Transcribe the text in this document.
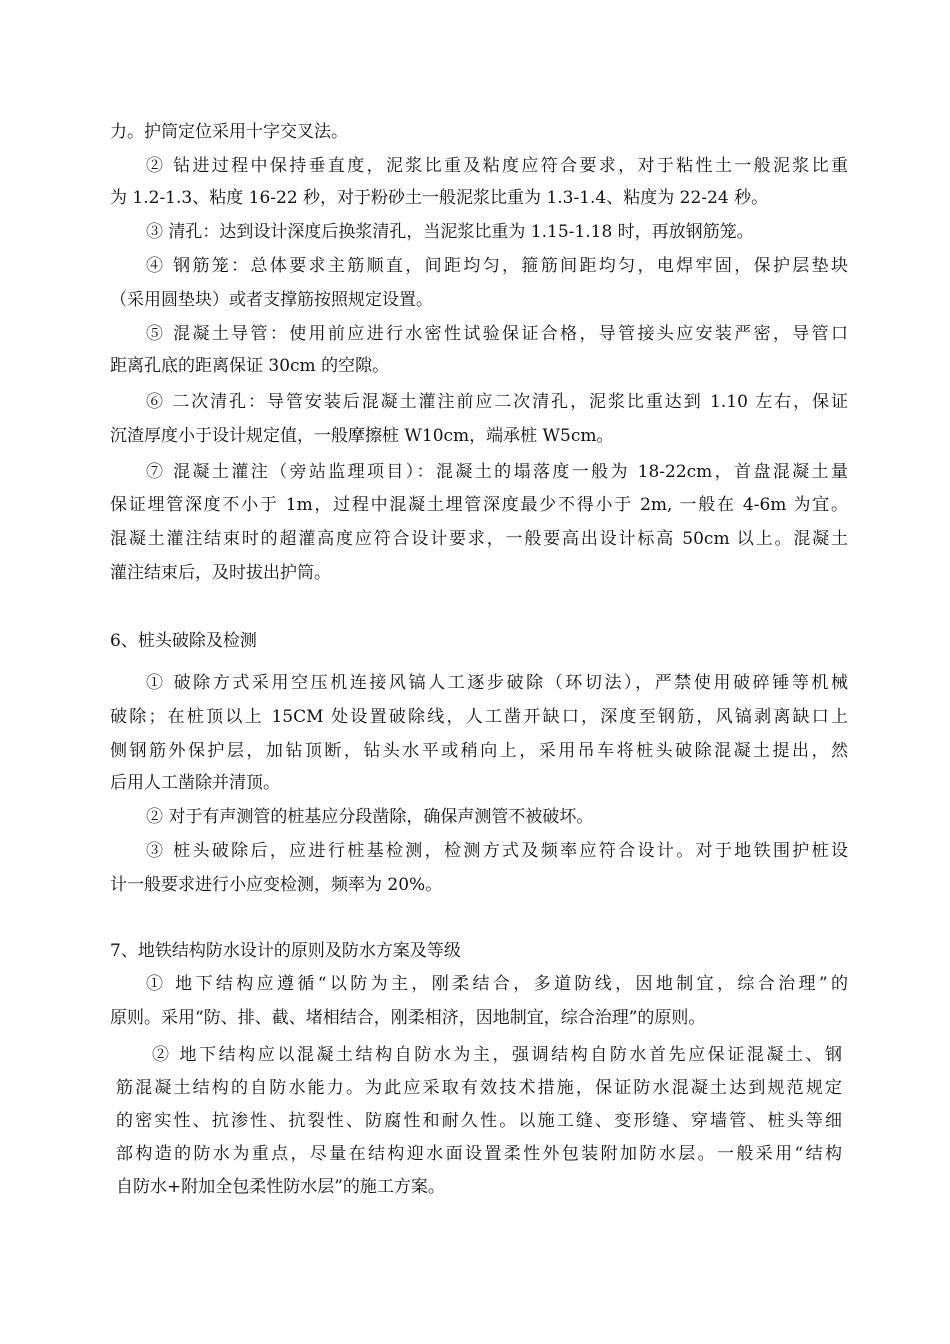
力。护筒定位采用十字交叉法。
② 钻进过程中保持垂直度，泥浆比重及粘度应符合要求，对于粘性土一般泥浆比重
为 1.2-1.3、粘度 16-22 秒，对于粉砂土一般泥浆比重为 1.3-1.4、粘度为 22-24 秒。
③ 清孔：达到设计深度后换浆清孔，当泥浆比重为 1.15-1.18 时，再放钢筋笼。
④ 钢筋笼：总体要求主筋顺直，间距均匀，箍筋间距均匀，电焊牢固，保护层垫块
（采用圆垫块）或者支撑筋按照规定设置。
⑤ 混凝土导管：使用前应进行水密性试验保证合格，导管接头应安装严密，导管口
距离孔底的距离保证 30cm 的空隙。
⑥ 二次清孔：导管安装后混凝土灌注前应二次清孔，泥浆比重达到 1.10 左右，保证
沉渣厚度小于设计规定值，一般摩擦桩 W10cm，端承桩 W5cm。
⑦ 混凝土灌注（旁站监理项目）：混凝土的塌落度一般为 18-22cm，首盘混凝土量
保证埋管深度不小于 1m，过程中混凝土埋管深度最少不得小于 2m, 一般在 4-6m 为宜。
混凝土灌注结束时的超灌高度应符合设计要求，一般要高出设计标高 50cm 以上。混凝土
灌注结束后，及时拔出护筒。
6、桩头破除及检测
① 破除方式采用空压机连接风镐人工逐步破除（环切法），严禁使用破碎锤等机械
破除；在桩顶以上 15CM 处设置破除线，人工凿开缺口，深度至钢筋，风镐剥离缺口上
侧钢筋外保护层，加钻顶断，钻头水平或稍向上，采用吊车将桩头破除混凝土提出，然
后用人工凿除并清顶。
② 对于有声测管的桩基应分段凿除，确保声测管不被破坏。
③ 桩头破除后，应进行桩基检测，检测方式及频率应符合设计。对于地铁围护桩设
计一般要求进行小应变检测，频率为 20%。
7、地铁结构防水设计的原则及防水方案及等级
① 地下结构应遵循“以防为主，刚柔结合，多道防线，因地制宜，综合治理”的
原则。采用“防、排、截、堵相结合，刚柔相济，因地制宜，综合治理”的原则。
② 地下结构应以混凝土结构自防水为主，强调结构自防水首先应保证混凝土、钢
筋混凝土结构的自防水能力。为此应采取有效技术措施，保证防水混凝土达到规范规定
的密实性、抗渗性、抗裂性、防腐性和耐久性。以施工缝、变形缝、穿墙管、桩头等细
部构造的防水为重点，尽量在结构迎水面设置柔性外包装附加防水层。一般采用“结构
自防水+附加全包柔性防水层”的施工方案。
